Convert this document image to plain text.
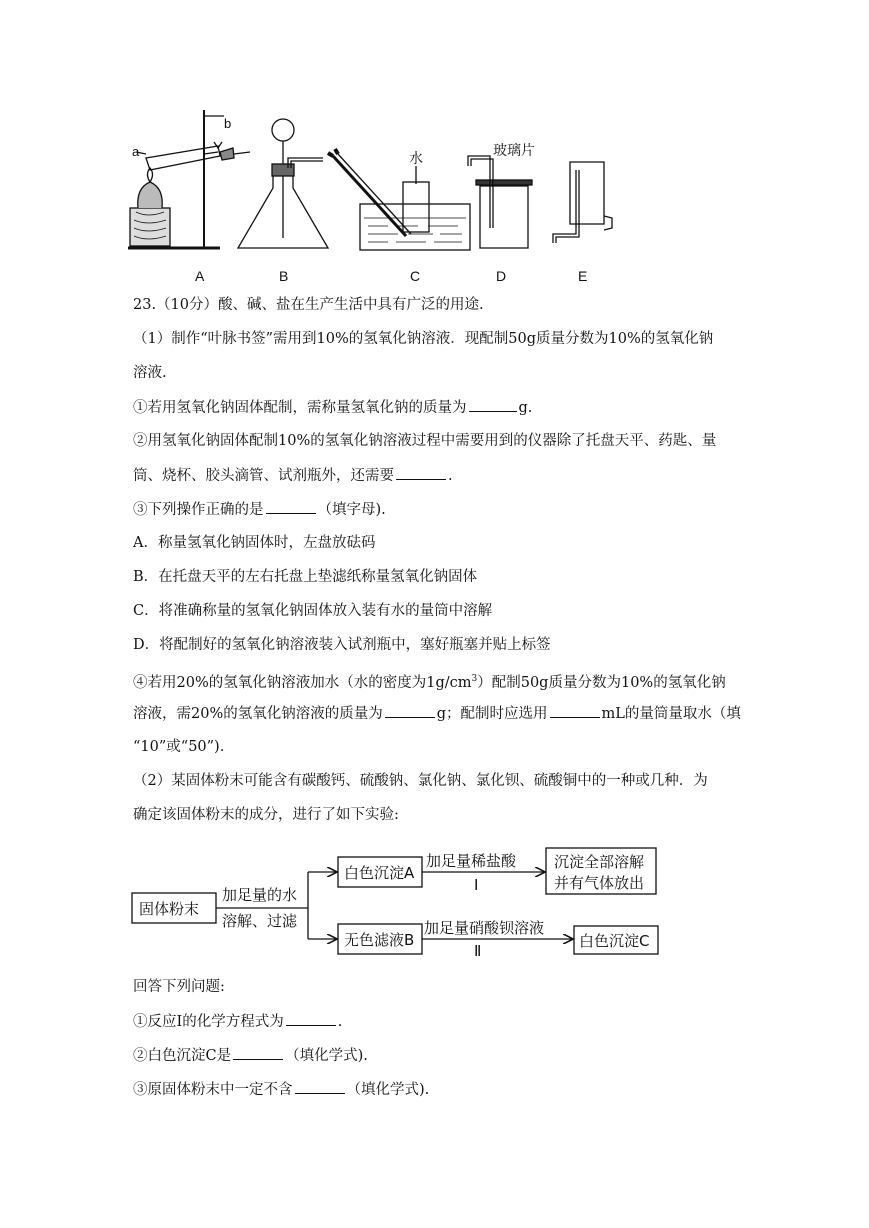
a
b
水	玻璃片
A	B	C	D	E
23.（10分）酸、碱、盐在生产生活中具有广泛的用途.
（1）制作“叶脉书签”需用到10%的氢氧化钠溶液．现配制50g质量分数为10%的氢氧化钠
溶液.
①若用氢氧化钠固体配制，需称量氢氧化钠的质量为	g.
②用氢氧化钠固体配制10%的氢氧化钠溶液过程中需要用到的仪器除了托盘天平、药匙、量
筒、烧杯、胶头滴管、试剂瓶外，还需要	.
③下列操作正确的是	（填字母).
A．称量氢氧化钠固体时，左盘放砝码
B．在托盘天平的左右托盘上垫滤纸称量氢氧化钠固体
C．将准确称量的氢氧化钠固体放入装有水的量筒中溶解
D．将配制好的氢氧化钠溶液装入试剂瓶中，塞好瓶塞并贴上标签
④若用20%的氢氧化钠溶液加水（水的密度为$1g/cm^3$）配制50g质量分数为10%的氢氧化钠
溶液，需20%的氢氧化钠溶液的质量为	g；配制时应选用	mL的量筒量取水（填
“10”或“50”).
（2）某固体粉末可能含有碳酸钙、硫酸钠、氯化钠、氯化钡、硫酸铜中的一种或几种．为
确定该固体粉末的成分，进行了如下实验:
固体粉末
加足量的水
溶解、过滤
白色沉淀A
无色滤液B
加足量稀盐酸
Ⅰ
沉淀全部溶解
并有气体放出
加足量硝酸钡溶液
Ⅱ
白色沉淀C
回答下列问题:
①反应Ⅰ的化学方程式为	.
②白色沉淀C是	（填化学式).
③原固体粉末中一定不含	（填化学式).
